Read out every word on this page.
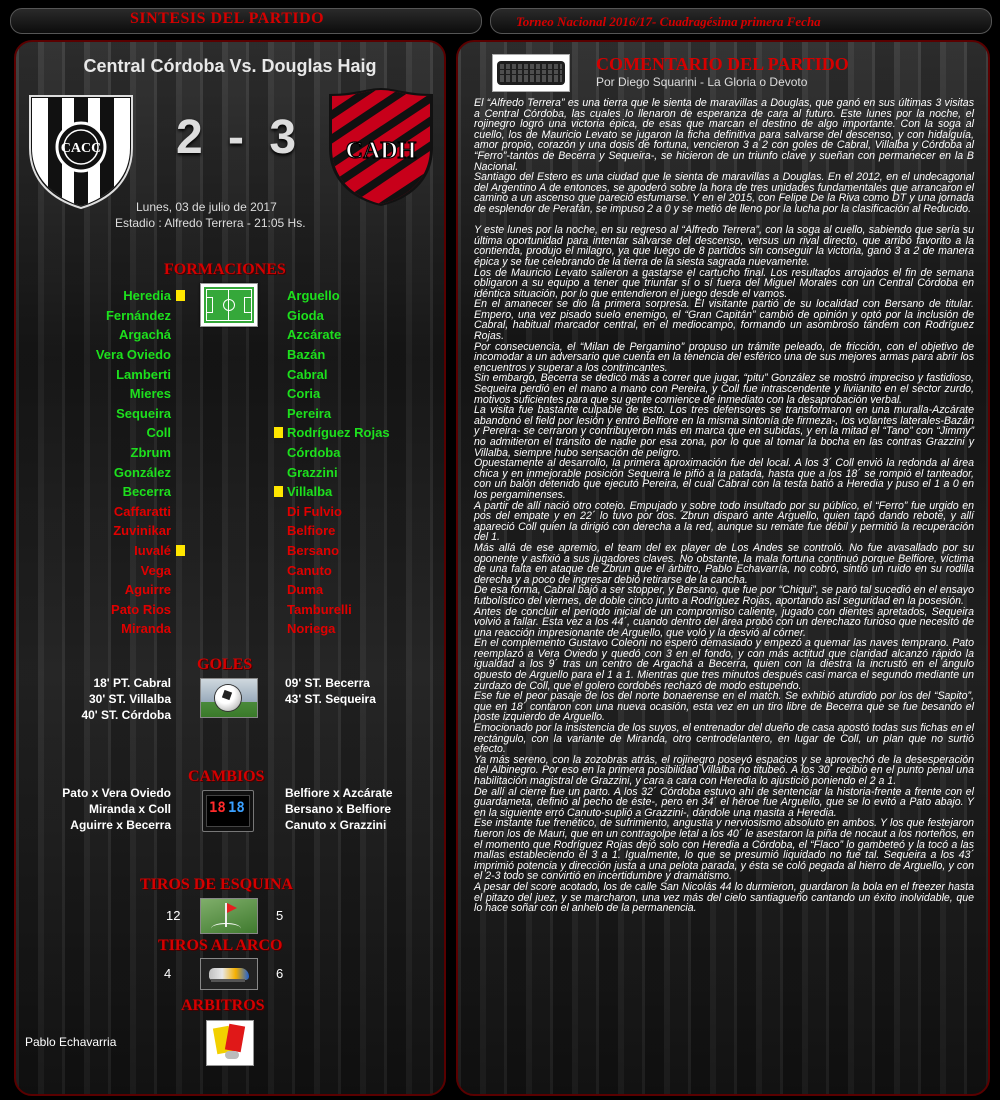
SINTESIS DEL PARTIDO	Torneo Nacional 2016/17- Cuadragésima primera Fecha
Central Córdoba Vs. Douglas Haig
CACC 2 - 3 CADH
Lunes, 03 de julio de 2017
Estadio : Alfredo Terrera - 21:05 Hs.
FORMACIONES
Heredia
Fernández
Argachá
Vera Oviedo
Lamberti
Mieres
Sequeira
Coll
Zbrum
González
Becerra
Caffaratti
Zuvinikar
Iuvalé
Vega
Aguirre
Pato Rios
Miranda
Arguello
Gioda
Azcárate
Bazán
Cabral
Coria
Pereira
Rodríguez Rojas
Córdoba
Grazzini
Villalba
Di Fulvio
Belfiore
Bersano
Canuto
Duma
Tamburelli
Noriega
GOLES
18' PT. Cabral
30' ST. Villalba
40' ST. Córdoba
09' ST. Becerra
43' ST. Sequeira
CAMBIOS
18 18
Pato x Vera Oviedo
Miranda x Coll
Aguirre x Becerra
Belfiore x Azcárate
Bersano x Belfiore
Canuto x Grazzini
TIROS DE ESQUINA
12	5
TIROS AL ARCO
4	6
ARBITROS
Pablo Echavarria
COMENTARIO DEL PARTIDO
Por Diego Squarini - La Gloria o Devoto

El “Alfredo Terrera” es una tierra que le sienta de maravillas a Douglas, que ganó en sus últimas 3 visitas a Central Córdoba, las cuales lo llenaron de esperanza de cara al futuro. Este lunes por la noche, el rojinegro logró una victoria épica, de esas que marcan el destino de algo importante. Con la soga al cuello, los de Mauricio Levato se jugaron la ficha definitiva para salvarse del descenso, y con hidalguía, amor propio, corazón y una dosis de fortuna, vencieron 3 a 2 con goles de Cabral, Villalba y Córdoba al “Ferro”-tantos de Becerra y Sequeira-, se hicieron de un triunfo clave y sueñan con permanecer en la B Nacional.

Santiago del Estero es una ciudad que le sienta de maravillas a Douglas. En el 2012, en el undecagonal del Argentino A de entonces, se apoderó sobre la hora de tres unidades fundamentales que arrancaron el camino a un ascenso que pareció esfumarse. Y en el 2015, con Felipe De la Riva como DT y una jornada de esplendor de Perafán, se impuso 2 a 0 y se metió de lleno por la lucha por la clasificación al Reducido.

Y este lunes por la noche, en su regreso al “Alfredo Terrera”, con la soga al cuello, sabiendo que sería su última oportunidad para intentar salvarse del descenso, versus un rival directo, que arribó favorito a la contienda, produjo el milagro, ya que luego de 8 partidos sin conseguir la victoria, ganó 3 a 2 de manera épica y se fue celebrando de la tierra de la siesta sagrada nuevamente.

Los de Mauricio Levato salieron a gastarse el cartucho final. Los resultados arrojados el fin de semana obligaron a su equipo a tener que triunfar sí o sí fuera del Miguel Morales con un Central Córdoba en idéntica situación, por lo que entendieron el juego desde el vamos.

En el amanecer se dio la primera sorpresa. El visitante partió de su localidad con Bersano de titular. Empero, una vez pisado suelo enemigo, el “Gran Capitán” cambió de opinión y optó por la inclusión de Cabral, habitual marcador central, en el mediocampo, formando un asombroso tándem con Rodríguez Rojas.

Por consecuencia, el “Milan de Pergamino” propuso un trámite peleado, de fricción, con el objetivo de incomodar a un adversario que cuenta en la tenencia del esférico una de sus mejores armas para abrir los encuentros y superar a los contrincantes.

Sin embargo, Becerra se dedicó más a correr que jugar, “pitu” González se mostró impreciso y fastidioso, Sequeira perdió en el mano a mano con Pereira, y Coll fue intrascendente y liviianito en el sector zurdo, motivos suficientes para que su gente comience de inmediato con la desaprobación verbal.

La visita fue bastante culpable de esto. Los tres defensores se transformaron en una muralla-Azcárate abandonó el field por lesión y entró Belfiore en la misma sintonía de firmeza-, los volantes laterales-Bazán y Pereira- se cerraron y contribuyeron más en marca que en subidas, y en la mitad el “Tano” con “Jimmy” no admitieron el tránsito de nadie por esa zona, por lo que al tomar la bocha en las contras Grazzini y Villalba, siempre hubo sensación de peligro.

Opuestamente al desarrollo, la primera aproximación fue del local. A los 3´ Coll envió la redonda al área chica y en inmejorable posición Sequeira le pifió a la patada, hasta que a los 18´ se rompió el tanteador, con un balón detenido que ejecutó Pereira, el cual Cabral con la testa batió a Heredia y puso el 1 a 0 en los pergaminenses.

A partir de allí nació otro cotejo. Empujado y sobre todo insultado por su público, el “Ferro” fue urgido en pos del empate y en 22´ lo tuvo por dos. Zbrun disparó ante Arguello, quien tapó dando rebote, y allí apareció Coll quien la dirigió con derecha a la red, aunque su remate fue débil y permitió la recuperación del 1.

Más allá de ese apremio, el team del ex player de Los Andes se controló. No fue avasallado por su oponente y asfixió a sus jugadores claves. No obstante, la mala fortuna continuó porque Belfiore, víctima de una falta en ataque de Zbrun que el árbitro, Pablo Echavarría, no cobró, sintió un ruido en su rodilla derecha y a poco de ingresar debió retirarse de la cancha.

De esa forma, Cabral bajó a ser stopper, y Bersano, que fue por “Chiqui”, se paró tal sucedió en el ensayo futbolístico del viernes, de doble cinco junto a Rodríguez Rojas, aportando así seguridad en la posesión.

Antes de concluir el período inicial de un compromiso caliente, jugado con dientes apretados, Sequeira volvió a fallar. Esta vez a los 44´, cuando dentro del área probó con un derechazo furioso que necesitó de una reacción impresionante de Arguello, que voló y la desvió al córner.

En el complemento Gustavo Coleoni no esperó demasiado y empezó a quemar las naves temprano. Pato reemplazó a Vera Oviedo y quedó con 3 en el fondo, y con más actitud que claridad alcanzó rápido la igualdad a los 9´ tras un centro de Argachá a Becerra, quien con la diestra la incrustó en el ángulo opuesto de Arguello para el 1 a 1. Mientras que tres minutos después casi marca el segundo mediante un zurdazo de Coll, que el golero cordobés rechazó de modo estupendo.

Ese fue el peor pasaje de los del norte bonaerense en el match. Se exhibió aturdido por los del “Sapito”, que en 18´ contaron con una nueva ocasión, esta vez en un tiro libre de Becerra que se fue besando el poste izquierdo de Arguello.

Emocionado por la insistencia de los suyos, el entrenador del dueño de casa apostó todas sus fichas en el rectángulo, con la variante de Miranda, otro centrodelantero, en lugar de Coll, un plan que no surtió efecto.

Ya más sereno, con la zozobras atrás, el rojinegro poseyó espacios y se aprovechó de la desesperación del Albinegro. Por eso en la primera posibilidad Villalba no titubeó. A los 30´ recibió en el punto penal una habilitación magistral de Grazzini, y cara a cara con Heredia lo ajustició poniendo el 2 a 1.

De allí al cierre fue un parto. A los 32´ Córdoba estuvo ahí de sentenciar la historia-frente a frente con el guardameta, definió al pecho de éste-, pero en 34´ el héroe fue Arguello, que se lo evitó a Pato abajo. Y en la siguiente erró Canuto-suplió a Grazzini-, dándole una masita a Heredia.

Ese instante fue frenético, de sufrimiento, angustia y nerviosismo absoluto en ambos. Y los que festejaron fueron los de Mauri, que en un contragolpe letal a los 40´ le asestaron la piña de nocaut a los norteños, en el momento que Rodríguez Rojas dejó solo con Heredia a Córdoba, el “Flaco” lo gambeteó y la tocó a las mallas estableciendo el 3 a 1. Igualmente, lo que se presumió liquidado no fue tal. Sequeira a los 43´ imprimió potencia y dirección justa a una pelota parada, y ésta se coló pegada al hierro de Arguello, y con el 2-3 todo se convirtió en incertidumbre y dramatismo.

A pesar del score acotado, los de calle San Nicolás 44 lo durmieron, guardaron la bola en el freezer hasta el pitazo del juez, y se marcharon, una vez más del cielo santiagueño cantando un éxito inolvidable, que lo hace soñar con el anhelo de la permanencia.
